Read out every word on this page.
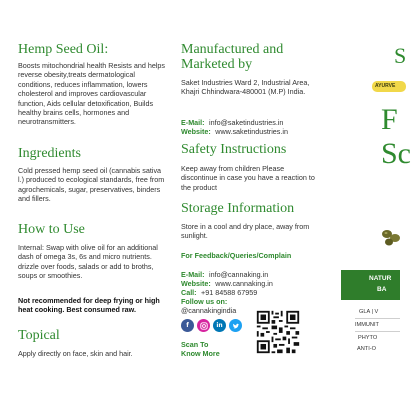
Hemp Seed Oil:
Boosts mitochondrial health Resists and helps reverse obesity,treats dermatological conditions, reduces inflammation, lowers cholesterol and improves cardiovascular function, Aids cellular detoxification, Builds healthy brains cells, hormones and neurotransmitters.
Ingredients
Cold pressed hemp seed oil (cannabis sativa l.) produced to ecological standards, free from agrochemicals, sugar, preservatives, binders and fillers.
How to Use
Internal: Swap with olive oil for an additional dash of omega 3s, 6s and micro nutrients. drizzle over foods, salads or add to broths, soups or smoothies.
Not recommended for deep frying or high heat cooking. Best consumed raw.
Topical
Apply directly on face, skin and hair.
Manufactured and Marketed by
Saket Industries Ward 2, Industrial Area, Khajri Chhindwara-480001 (M.P) India.
E-Mail: info@saketindustries.in
Website: www.saketindustries.in
Safety Instructions
Keep away from children Please discontinue in case you have a reaction to the product
Storage Information
Store in a cool and dry place, away from sunlight.
For Feedback/Queries/Complain
E-Mail: info@cannaking.in
Website: www.cannaking.in
Call: +91 84588 67959
Follow us on:
@cannakingindia
f	in
Scan To
Know More
S
AYURVE
F
Sc
NATUR
BA
GLA | V
IMMUNIT
PHYTO
ANTI-O
